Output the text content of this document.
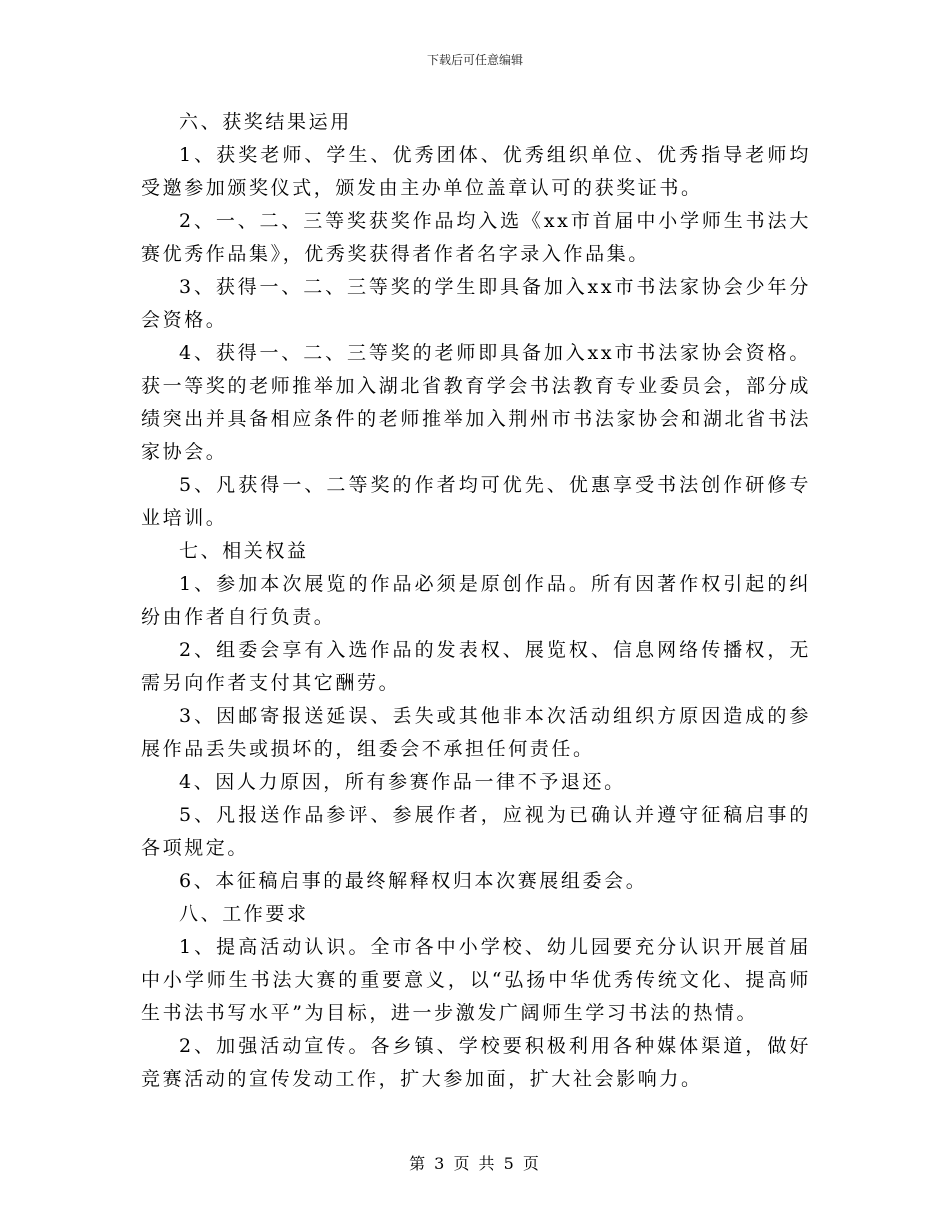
下载后可任意编辑

六、获奖结果运用

1、获奖老师、学生、优秀团体、优秀组织单位、优秀指导老师均受邀参加颁奖仪式，颁发由主办单位盖章认可的获奖证书。

2、一、二、三等奖获奖作品均入选《xx市首届中小学师生书法大赛优秀作品集》，优秀奖获得者作者名字录入作品集。

3、获得一、二、三等奖的学生即具备加入xx市书法家协会少年分会资格。

4、获得一、二、三等奖的老师即具备加入xx市书法家协会资格。获一等奖的老师推举加入湖北省教育学会书法教育专业委员会，部分成绩突出并具备相应条件的老师推举加入荆州市书法家协会和湖北省书法家协会。

5、凡获得一、二等奖的作者均可优先、优惠享受书法创作研修专业培训。

七、相关权益

1、参加本次展览的作品必须是原创作品。所有因著作权引起的纠纷由作者自行负责。

2、组委会享有入选作品的发表权、展览权、信息网络传播权，无需另向作者支付其它酬劳。

3、因邮寄报送延误、丢失或其他非本次活动组织方原因造成的参展作品丢失或损坏的，组委会不承担任何责任。

4、因人力原因，所有参赛作品一律不予退还。

5、凡报送作品参评、参展作者，应视为已确认并遵守征稿启事的各项规定。

6、本征稿启事的最终解释权归本次赛展组委会。

八、工作要求

1、提高活动认识。全市各中小学校、幼儿园要充分认识开展首届中小学师生书法大赛的重要意义，以“弘扬中华优秀传统文化、提高师生书法书写水平”为目标，进一步激发广阔师生学习书法的热情。

2、加强活动宣传。各乡镇、学校要积极利用各种媒体渠道，做好竞赛活动的宣传发动工作，扩大参加面，扩大社会影响力。

第 3 页 共 5 页
